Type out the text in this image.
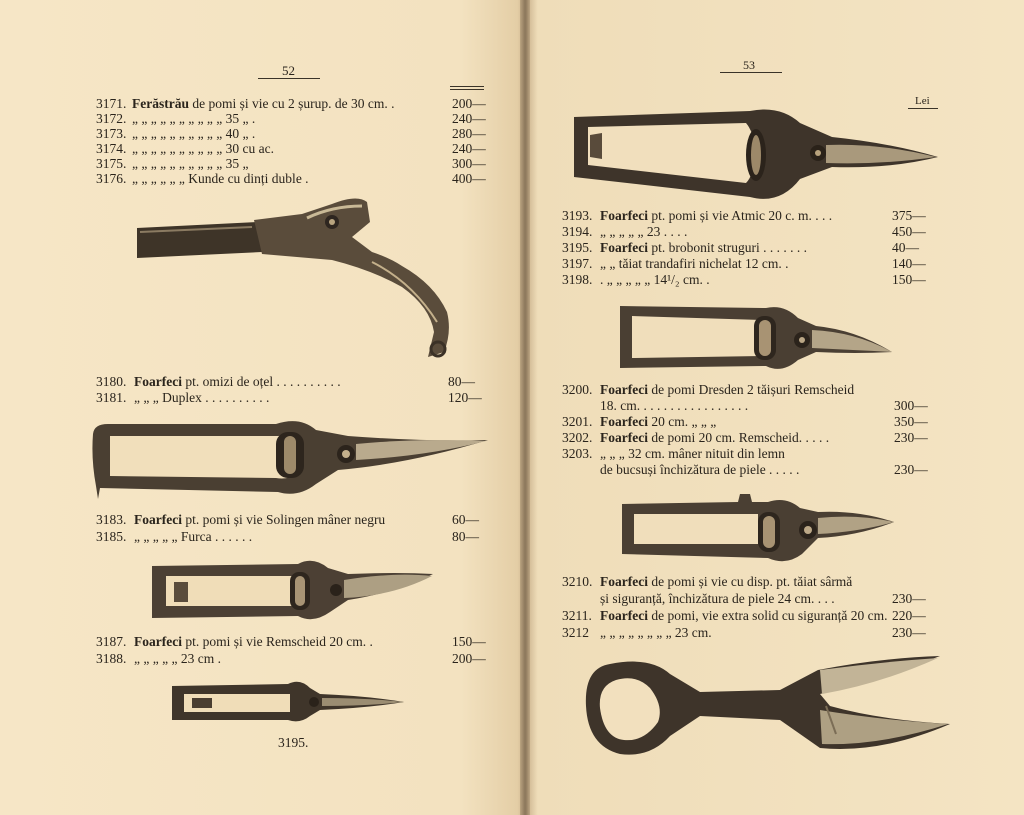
52
3171. Ferăstrău de pomi și vie cu 2 șurup. de 30 cm. .	200—
3172. „ „ „ „ „ „ „ „ „ „ 35 „ .	240—
3173. „ „ „ „ „ „ „ „ „ „ 40 „ .	280—
3174. „ „ „ „ „ „ „ „ „ „ 30 cu ac.	240—
3175. „ „ „ „ „ „ „ „ „ „ 35 „	300—
3176. „ „ „ „ „ „ Kunde cu dinți duble .	400—
3180. Foarfeci pt. omizi de oțel . . . . . . . . . .	80—
3181. „ „ „ Duplex . . . . . . . . . .	120—
3183. Foarfeci pt. pomi și vie Solingen mâner negru	60—
3185. „ „ „ „ „ Furca . . . . . .	80—
3187. Foarfeci pt. pomi și vie Remscheid 20 cm. .	150—
3188. „ „ „ „ „ 23 cm .	200—
3195.
53
Lei
3193. Foarfeci pt. pomi și vie Atmic 20 c. m. . . .	375—
3194. „ „ „ „ „ 23 . . . .	450—
3195. Foarfeci pt. brobonit struguri . . . . . . .	40—
3197. „ „ tăiat trandafiri nichelat 12 cm. .	140—
3198. . „ „ „ „ „ 14¹/₂ cm. .	150—
3200. Foarfeci de pomi Dresden 2 tăișuri Remscheid
18. cm. . . . . . . . . . . . . . . . .	300—
3201. Foarfeci 20 cm. „ „ „	350—
3202. Foarfeci de pomi 20 cm. Remscheid. . . . .	230—
3203. „ „ „ 32 cm. mâner nituit din lemn
de bucsuși închizătura de piele . . . . .	230—
3210. Foarfeci de pomi și vie cu disp. pt. tăiat sârmă
și siguranță, închizătura de piele 24 cm. . . .	230—
3211. Foarfeci de pomi, vie extra solid cu siguranță 20 cm. 220—
3212 „ „ „ „ „ „ „ „ 23 cm.	230—
